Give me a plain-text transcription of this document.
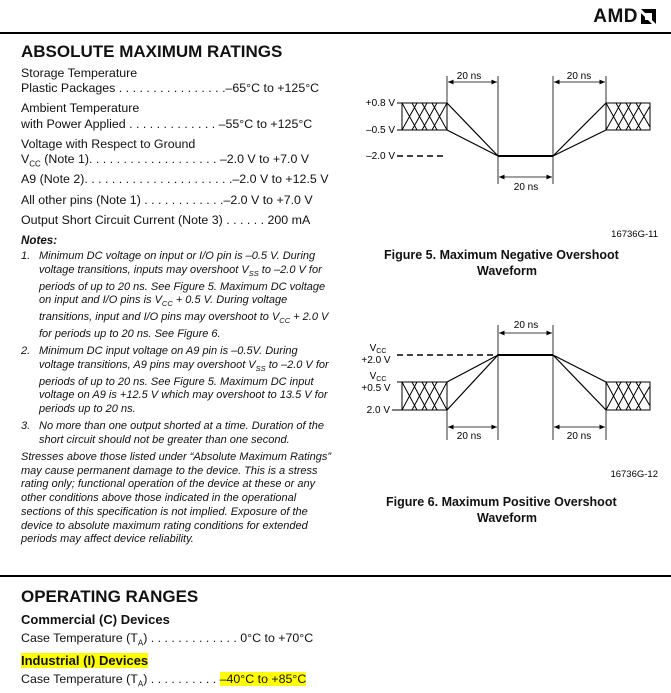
AMD
ABSOLUTE MAXIMUM RATINGS
Storage Temperature
Plastic Packages . . . . . . . . . . . . . . . .–65°C to +125°C
Ambient Temperature
with Power Applied . . . . . . . . . . . . . –55°C to +125°C
Voltage with Respect to Ground
$V_{CC}$ (Note 1). . . . . . . . . . . . . . . . . . . –2.0 V to +7.0 V
A9 (Note 2). . . . . . . . . . . . . . . . . . . . . .–2.0 V to +12.5 V
All other pins (Note 1) . . . . . . . . . . . .–2.0 V to +7.0 V
Output Short Circuit Current (Note 3) . . . . . . 200 mA
Notes:
1. Minimum DC voltage on input or I/O pin is –0.5 V. During voltage transitions, inputs may overshoot $V_{SS}$ to –2.0 V for periods of up to 20 ns. See Figure 5. Maximum DC voltage on input and I/O pins is $V_{CC} + 0.5$ V. During voltage transitions, input and I/O pins may overshoot to $V_{CC} + 2.0$ V for periods up to 20 ns. See Figure 6.
2. Minimum DC input voltage on A9 pin is –0.5V. During voltage transitions, A9 pins may overshoot $V_{SS}$ to –2.0 V for periods of up to 20 ns. See Figure 5. Maximum DC input voltage on A9 is +12.5 V which may overshoot to 13.5 V for periods up to 20 ns.
3. No more than one output shorted at a time. Duration of the short circuit should not be greater than one second.
Stresses above those listed under “Absolute Maximum Ratings” may cause permanent damage to the device. This is a stress rating only; functional operation of the device at these or any other conditions above those indicated in the operational sections of this specification is not implied. Exposure of the device to absolute maximum rating conditions for extended periods may affect device reliability.
+0.8 V
–0.5 V
–2.0 V
20 ns	20 ns
20 ns
16736G-11
Figure 5. Maximum Negative Overshoot
Waveform
$V_{CC}$
+2.0 V
$V_{CC}$
+0.5 V
2.0 V
20 ns
20 ns	20 ns
16736G-12
Figure 6. Maximum Positive Overshoot
Waveform
OPERATING RANGES
Commercial (C) Devices
Case Temperature $(T_A)$ . . . . . . . . . . . . . 0°C to +70°C
Industrial (I) Devices
Case Temperature $(T_A)$ . . . . . . . . . . –40°C to +85°C
